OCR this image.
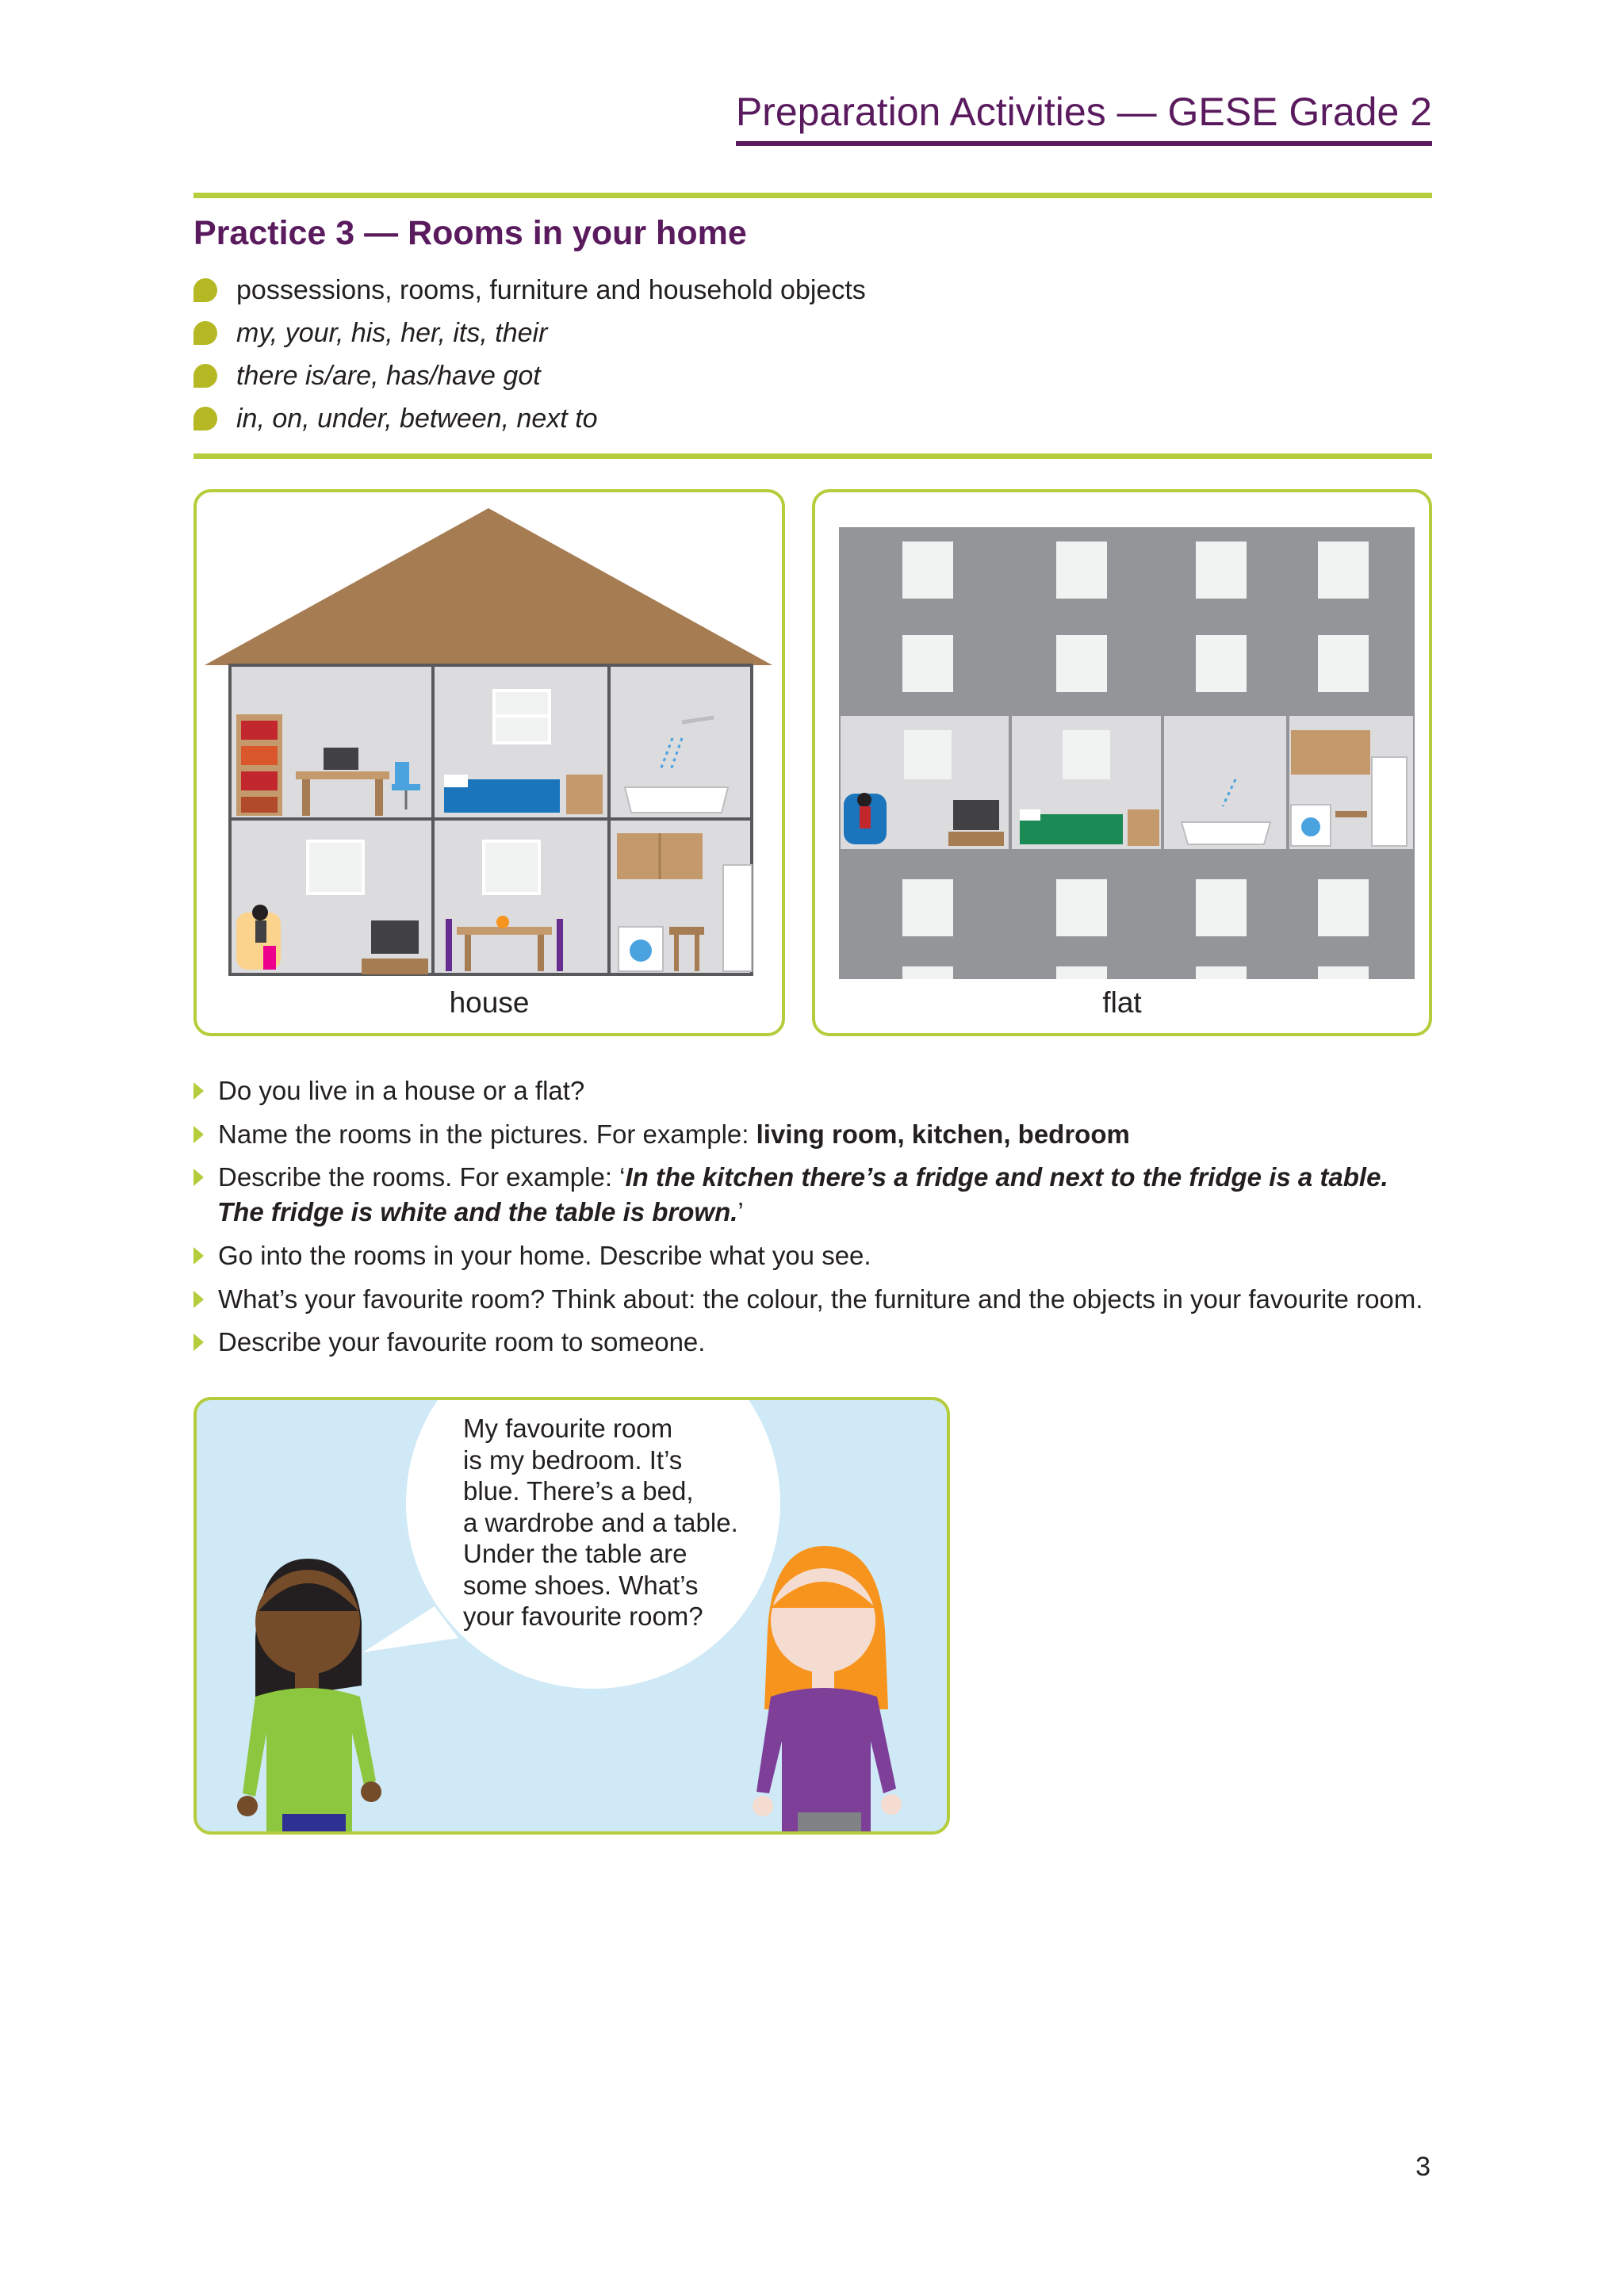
Preparation Activities — GESE Grade 2
Practice 3 — Rooms in your home
possessions, rooms, furniture and household objects
my, your, his, her, its, their
there is/are, has/have got
in, on, under, between, next to
house	flat
Do you live in a house or a flat?
Name the rooms in the pictures. For example: living room, kitchen, bedroom
Describe the rooms. For example: ‘In the kitchen there’s a fridge and next to the fridge is a table.
The fridge is white and the table is brown.’
Go into the rooms in your home. Describe what you see.
What’s your favourite room? Think about: the colour, the furniture and the objects in your favourite room.
Describe your favourite room to someone.
My favourite room
is my bedroom. It’s
blue. There’s a bed,
a wardrobe and a table.
Under the table are
some shoes. What’s
your favourite room?
3
